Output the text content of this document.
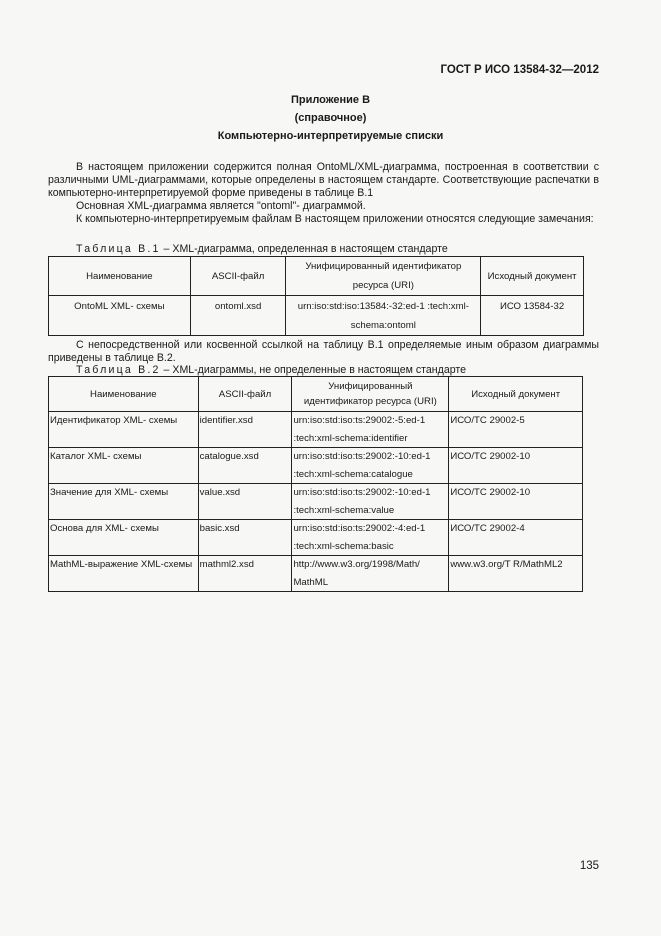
ГОСТ Р ИСО 13584-32—2012
Приложение В
(справочное)
Компьютерно-интерпретируемые списки
В настоящем приложении содержится полная OntoML/XML-диаграмма, построенная в соответствии с различными UML-диаграммами, которые определены в настоящем стандарте. Соответствующие распечатки в компьютерно-интерпретируемой форме приведены в таблице В.1
Основная XML-диаграмма является "ontoml"- диаграммой.
К компьютерно-интерпретируемым файлам В настоящем приложении относятся следующие замечания:
Таблица В.1 – XML-диаграмма, определенная в настоящем стандарте
Наименование	ASCII-файл	Унифицированный идентификатор ресурса (URI)	Исходный документ
OntoML XML- схемы	ontoml.xsd	urn:iso:std:iso:13584:-32:ed-1 :tech:xml-schema:ontoml	ИСО 13584-32
С непосредственной или косвенной ссылкой на таблицу В.1 определяемые иным образом диаграммы приведены в таблице В.2.
Таблица В.2 – XML-диаграммы, не определенные в настоящем стандарте
Наименование	ASCII-файл	Унифицированный идентификатор ресурса (URI)	Исходный документ
Идентификатор XML- схемы	identifier.xsd	urn:iso:std:iso:ts:29002:-5:ed-1 :tech:xml-schema:identifier	ИСО/ТС 29002-5
Каталог XML- схемы	catalogue.xsd	urn:iso:std:iso:ts:29002:-10:ed-1 :tech:xml-schema:catalogue	ИСО/ТС 29002-10
Значение для XML- схемы	value.xsd	urn:iso:std:iso:ts:29002:-10:ed-1 :tech:xml-schema:value	ИСО/ТС 29002-10
Основа для XML- схемы	basic.xsd	urn:iso:std:iso:ts:29002:-4:ed-1 :tech:xml-schema:basic	ИСО/ТС 29002-4
MathML-выражение XML-схемы	mathml2.xsd	http://www.w3.org/1998/Math/ MathML	www.w3.org/T R/MathML2
135
